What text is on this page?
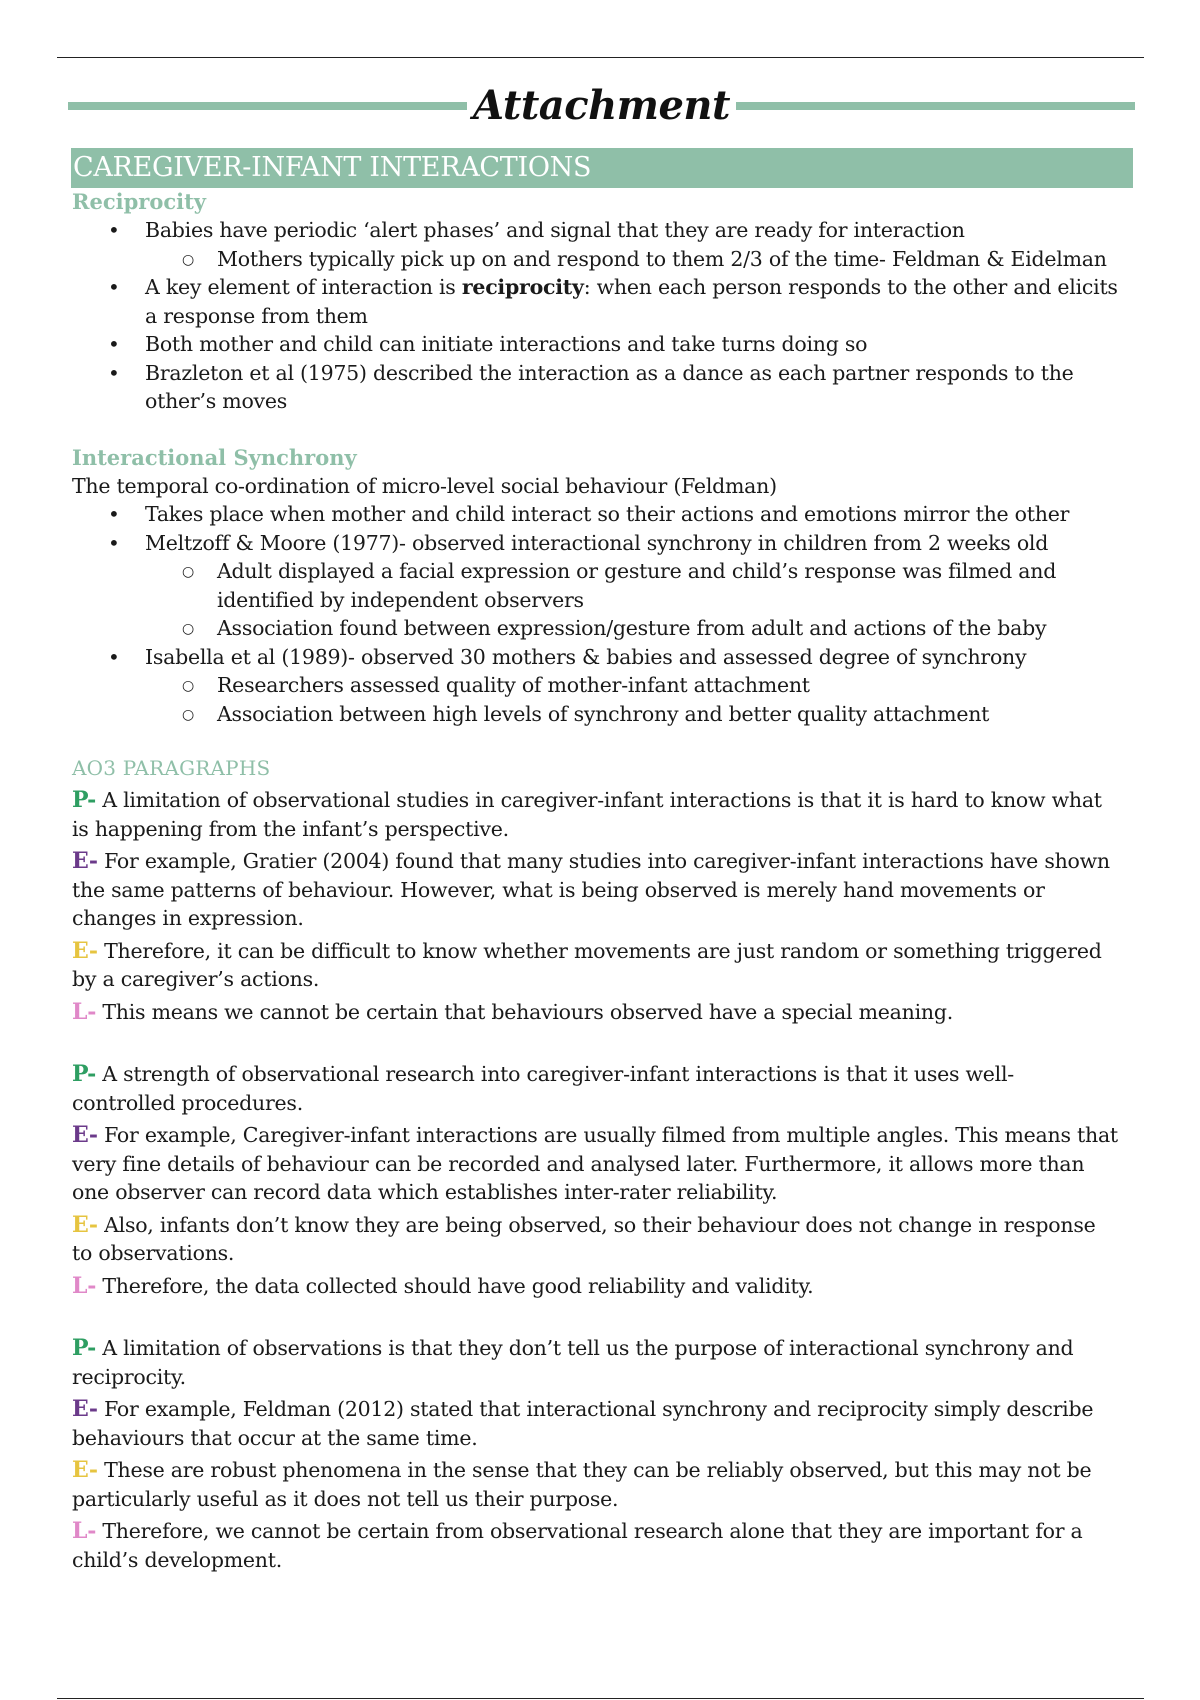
Attachment
CAREGIVER-INFANT INTERACTIONS
Reciprocity
• Babies have periodic ‘alert phases’ and signal that they are ready for interaction
○ Mothers typically pick up on and respond to them 2/3 of the time- Feldman & Eidelman
• A key element of interaction is reciprocity: when each person responds to the other and elicits
a response from them
• Both mother and child can initiate interactions and take turns doing so
• Brazleton et al (1975) described the interaction as a dance as each partner responds to the
other’s moves
Interactional Synchrony
The temporal co-ordination of micro-level social behaviour (Feldman)
• Takes place when mother and child interact so their actions and emotions mirror the other
• Meltzoff & Moore (1977)- observed interactional synchrony in children from 2 weeks old
○ Adult displayed a facial expression or gesture and child’s response was filmed and
identified by independent observers
○ Association found between expression/gesture from adult and actions of the baby
• Isabella et al (1989)- observed 30 mothers & babies and assessed degree of synchrony
○ Researchers assessed quality of mother-infant attachment
○ Association between high levels of synchrony and better quality attachment
AO3 PARAGRAPHS
P- A limitation of observational studies in caregiver-infant interactions is that it is hard to know what
is happening from the infant’s perspective.
E- For example, Gratier (2004) found that many studies into caregiver-infant interactions have shown
the same patterns of behaviour. However, what is being observed is merely hand movements or
changes in expression.
E- Therefore, it can be difficult to know whether movements are just random or something triggered
by a caregiver’s actions.
L- This means we cannot be certain that behaviours observed have a special meaning.
P- A strength of observational research into caregiver-infant interactions is that it uses well-
controlled procedures.
E- For example, Caregiver-infant interactions are usually filmed from multiple angles. This means that
very fine details of behaviour can be recorded and analysed later. Furthermore, it allows more than
one observer can record data which establishes inter-rater reliability.
E- Also, infants don’t know they are being observed, so their behaviour does not change in response
to observations.
L- Therefore, the data collected should have good reliability and validity.
P- A limitation of observations is that they don’t tell us the purpose of interactional synchrony and
reciprocity.
E- For example, Feldman (2012) stated that interactional synchrony and reciprocity simply describe
behaviours that occur at the same time.
E- These are robust phenomena in the sense that they can be reliably observed, but this may not be
particularly useful as it does not tell us their purpose.
L- Therefore, we cannot be certain from observational research alone that they are important for a
child’s development.
